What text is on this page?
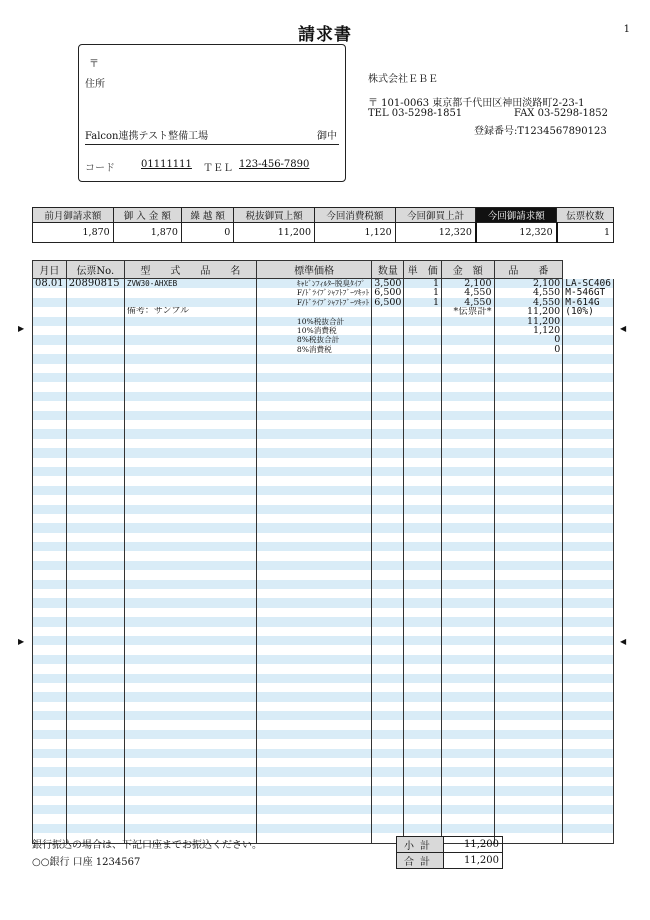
請求書	1
〒
住所
Falcon連携テスト整備工場	御中
コード	01111111 ＴＥＬ 123-456-7890
株式会社ＥＢＥ
〒 101-0063 東京都千代田区神田淡路町2-23-1
TEL 03-5298-1851	FAX 03-5298-1852
登録番号:T1234567890123
前月御請求額	御 入 金 額	繰 越 額	税抜御買上額	今回消費税額	今回御買上計	今回御請求額	伝票枚数
1,870	1,870	0	11,200	1,120	12,320	12,320	1
月日	伝票No.	型　　式　　品　　名	標準価格	数量	単　価	金　額	品　　番	
08.01	20890815	ZVW30-AHXEB	ｷｬﾋﾞﾝﾌｨﾙﾀｰ脱臭ﾀｲﾌﾟ	3,500	1	2,100	2,100	LA-SC406
			F/ﾄﾞﾗｲﾌﾞｼｬﾌﾄﾌﾞｰﾂｷｯﾄ	6,500	1	4,550	4,550	M-546GT
			F/ﾄﾞﾗｲﾌﾞｼｬﾌﾄﾌﾞｰﾂｷｯﾄ	6,500	1	4,550	4,550	M-614G
		備考：サンプル				*伝票計*	11,200	(10%)
			10%税抜合計				11,200	
			10%消費税				1,120	
			8%税抜合計				0	
			8%消費税				0	

▶	◀
▶	◀
銀行振込の場合は、下記口座までお振込ください。
○○銀行 口座 1234567
小計	11,200
合計	11,200
